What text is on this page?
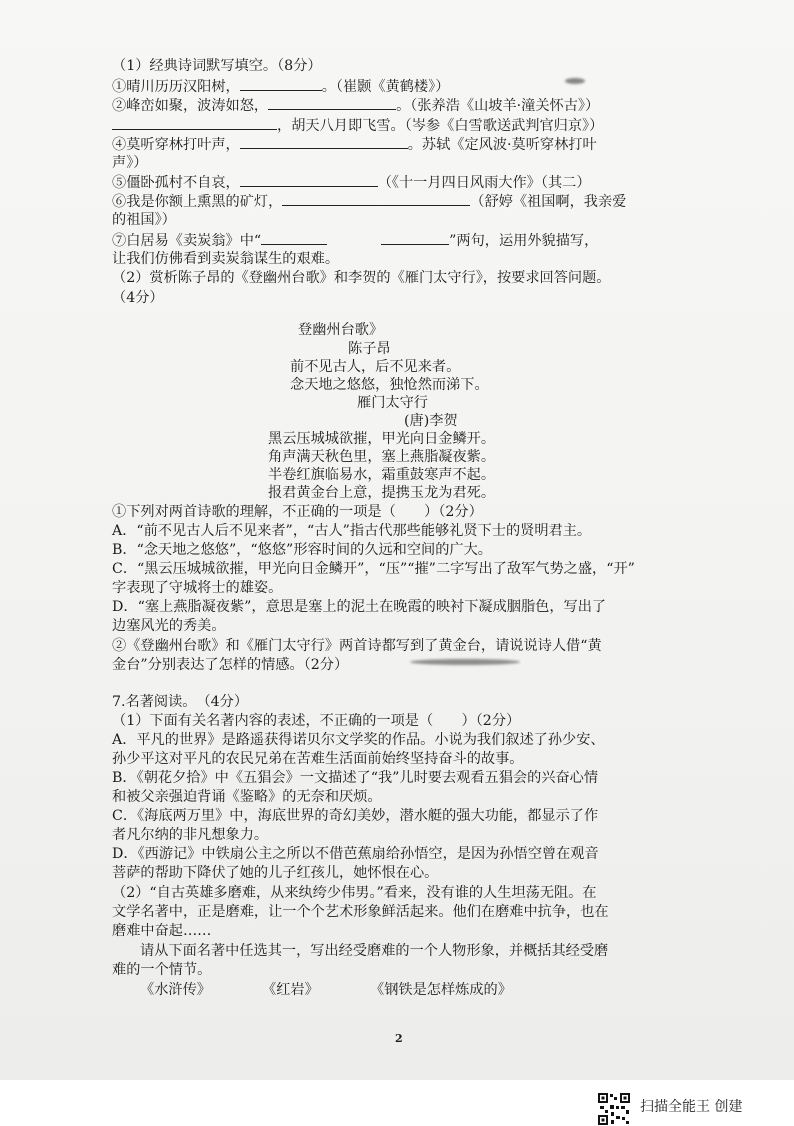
（1）经典诗词默写填空。（8分）
①晴川历历汉阳树，	。（崔颢《黄鹤楼》）
②峰峦如聚，波涛如怒，	。（张养浩《山坡羊·潼关怀古》）
，胡天八月即飞雪。（岑参《白雪歌送武判官归京》）
④莫听穿林打叶声，	。苏轼《定风波·莫听穿林打叶
声》）
⑤僵卧孤村不自哀，	（《十一月四日风雨大作》（其二）
⑥我是你额上熏黑的矿灯，	（舒婷《祖国啊，我亲爱
的祖国》）
⑦白居易《卖炭翁》中“	”两句，运用外貌描写，
让我们仿佛看到卖炭翁谋生的艰难。
（2）赏析陈子昂的《登幽州台歌》和李贺的《雁门太守行》，按要求回答问题。
（4分）
登幽州台歌》
陈子昂
前不见古人，后不见来者。
念天地之悠悠，独怆然而涕下。
雁门太守行
(唐)李贺
黑云压城城欲摧，甲光向日金鳞开。
角声满天秋色里，塞上燕脂凝夜紫。
半卷红旗临易水，霜重鼓寒声不起。
报君黄金台上意，提携玉龙为君死。
①下列对两首诗歌的理解，不正确的一项是（　　）（2分）
A．“前不见古人后不见来者”，“古人”指古代那些能够礼贤下士的贤明君主。
B．“念天地之悠悠”，“悠悠”形容时间的久远和空间的广大。
C．“黑云压城城欲摧，甲光向日金鳞开”，“压”“摧”二字写出了敌军气势之盛，“开”
字表现了守城将士的雄姿。
D．“塞上燕脂凝夜紫”，意思是塞上的泥土在晚霞的映衬下凝成胭脂色，写出了
边塞风光的秀美。
②《登幽州台歌》和《雁门太守行》两首诗都写到了黄金台，请说说诗人借“黄
金台”分别表达了怎样的情感。（2分）
7.名著阅读。　（4分）
（1）下面有关名著内容的表述，不正确的一项是（　　）（2分）
A．平凡的世界》是路遥获得诺贝尔文学奖的作品。小说为我们叙述了孙少安、
孙少平这对平凡的农民兄弟在苦难生活面前始终坚持奋斗的故事。
B．《朝花夕拾》中《五猖会》一文描述了“我”儿时要去观看五猖会的兴奋心情
和被父亲强迫背诵《鉴略》的无奈和厌烦。
C．《海底两万里》中，海底世界的奇幻美妙，潜水艇的强大功能，都显示了作
者凡尔纳的非凡想象力。
D．《西游记》中铁扇公主之所以不借芭蕉扇给孙悟空，是因为孙悟空曾在观音
菩萨的帮助下降伏了她的儿子红孩儿，她怀恨在心。
（2）“自古英雄多磨难，从来纨绔少伟男。”看来，没有谁的人生坦荡无阻。在
文学名著中，正是磨难，让一个个艺术形象鲜活起来。他们在磨难中抗争，也在
磨难中奋起……
请从下面名著中任选其一，写出经受磨难的一个人物形象，并概括其经受磨
难的一个情节。
《水浒传》	《红岩》	《钢铁是怎样炼成的》
2
扫描全能王 创建
